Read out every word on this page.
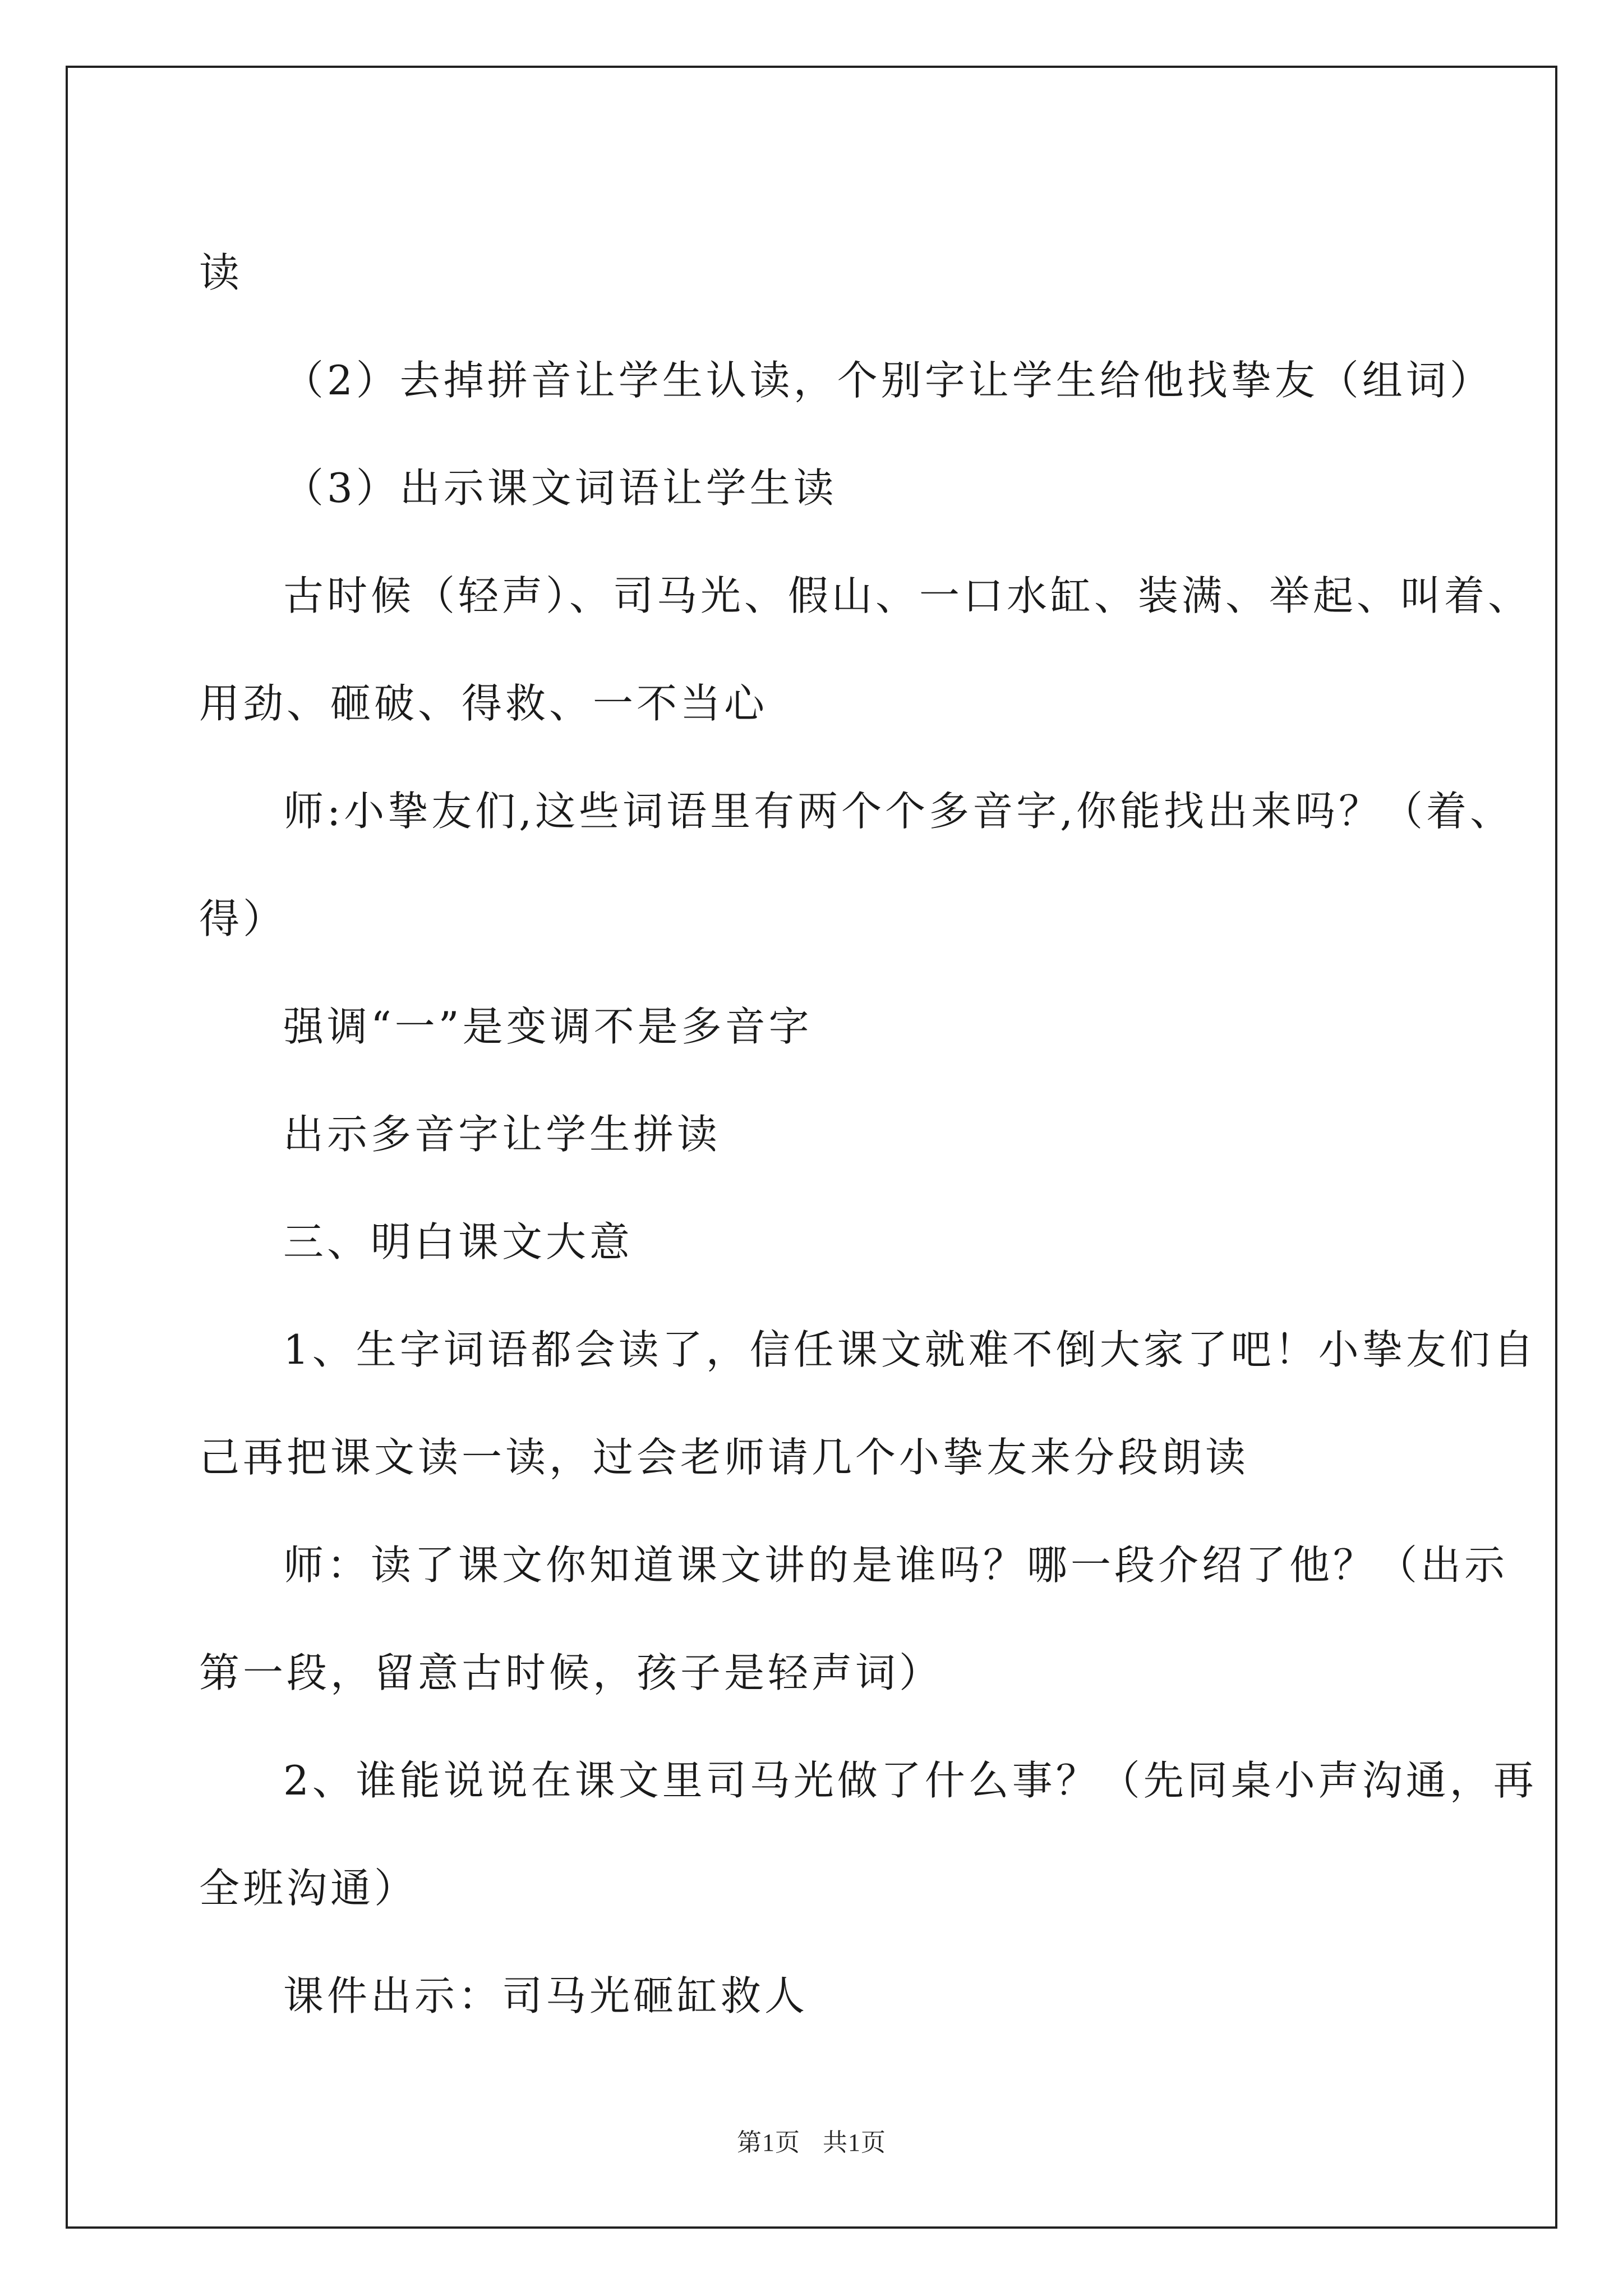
读

（2）去掉拼音让学生认读，个别字让学生给他找挚友（组词）

（3）出示课文词语让学生读

古时候（轻声）、司马光、假山、一口水缸、装满、举起、叫着、

用劲、砸破、得救、一不当心

师:小挚友们,这些词语里有两个个多音字,你能找出来吗？（着、

得）

强调“一”是变调不是多音字

出示多音字让学生拼读

三、明白课文大意

1、生字词语都会读了，信任课文就难不倒大家了吧！小挚友们自

己再把课文读一读，过会老师请几个小挚友来分段朗读

师：读了课文你知道课文讲的是谁吗？哪一段介绍了他？（出示

第一段，留意古时候，孩子是轻声词）

2、谁能说说在课文里司马光做了什么事？（先同桌小声沟通，再

全班沟通）

课件出示：司马光砸缸救人

第1页 共1页
